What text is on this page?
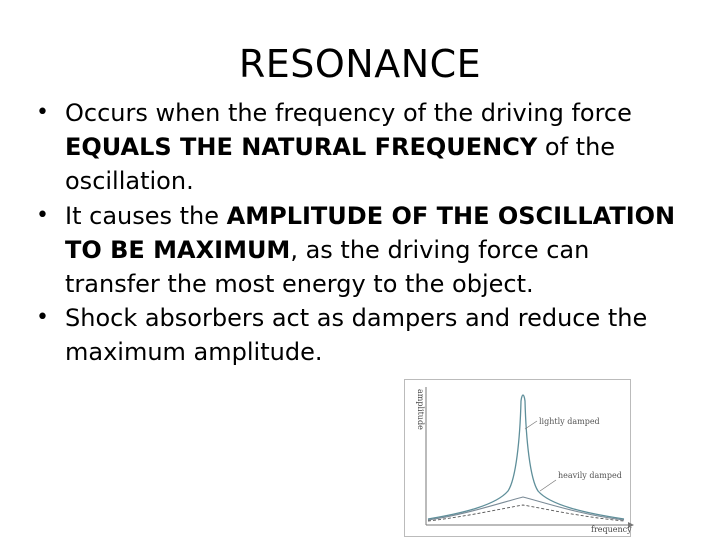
RESONANCE
• Occurs when the frequency of the driving force EQUALS THE NATURAL FREQUENCY of the oscillation.
• It causes the AMPLITUDE OF THE OSCILLATION TO BE MAXIMUM, as the driving force can transfer the most energy to the object.
• Shock absorbers act as dampers and reduce the maximum amplitude.
amplitude
frequency
lightly damped
heavily damped
